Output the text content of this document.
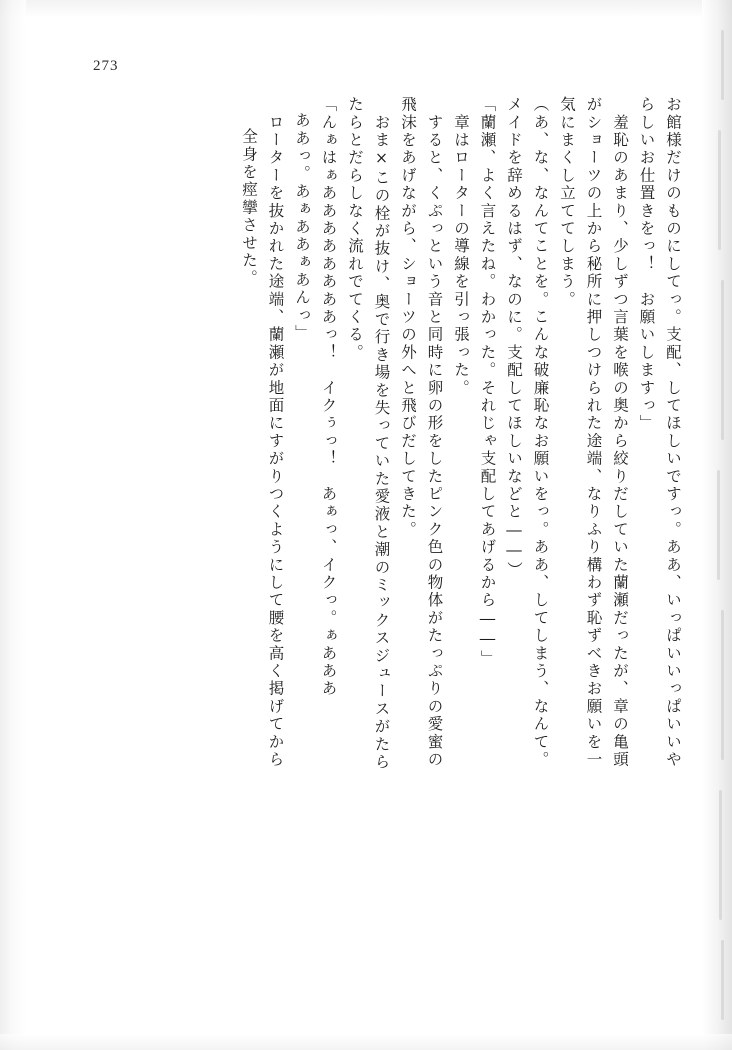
273
全身を痙攣させた。 　ローターを抜かれた途端、蘭瀬が地面にすがりつくようにして腰を高く掲げてから ああっ。あぁああぁあんっ」 「んぁはぁああああああああっ！　イクぅっ！　あぁっ、イクっ。ぁあああ たらとだらしなく流れでてくる。 　おま×この栓が抜け、奥で行き場を失っていた愛液と潮のミックスジュースがたら 飛沫をあげながら、ショーツの外へと飛びだしてきた。 　すると、くぷっという音と同時に卵の形をしたピンク色の物体がたっぷりの愛蜜の 　章はローターの導線を引っ張った。 「蘭瀬、よく言えたね。わかった。それじゃ支配してあげるから――」 メイドを辞めるはず、なのに。支配してほしいなどと――） （あ、な、なんてことを。こんな破廉恥なお願いをっ。ああ、してしまう、なんて。 気にまくし立ててしまう。 がショーツの上から秘所に押しつけられた途端、なりふり構わず恥ずべきお願いを一 　羞恥のあまり、少しずつ言葉を喉の奥から絞りだしていた蘭瀬だったが、章の亀頭 らしいお仕置きをっ！　お願いしますっ」 お館様だけのものにしてっ。支配、してほしいですっ。ああ、いっぱいいっぱいいや
